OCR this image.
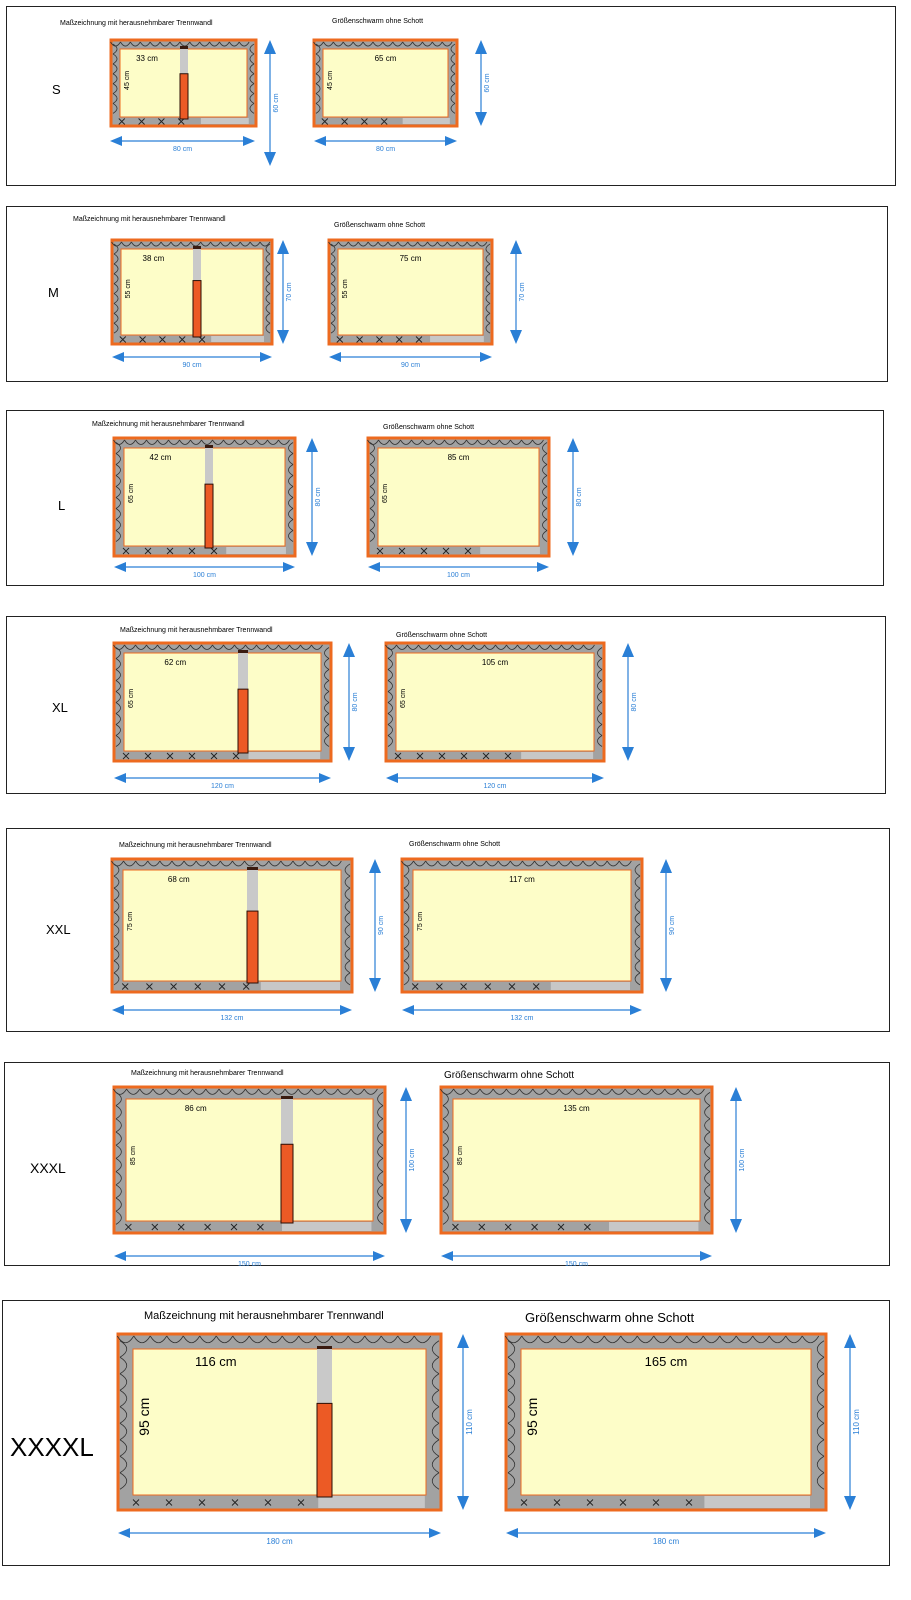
S
Maßzeichnung mit herausnehmbarer Trennwandl	Größenschwarm ohne Schott
33 cm
45 cm
65 cm
45 cm
80 cm	80 cm
60 cm
60 cm
M
Maßzeichnung mit herausnehmbarer Trennwandl
Größenschwarm ohne Schott
38 cm
55 cm
75 cm
55 cm
90 cm	90 cm
70 cm	70 cm
L
Maßzeichnung mit herausnehmbarer Trennwandl	Größenschwarm ohne Schott
42 cm
65 cm
85 cm
65 cm
100 cm	100 cm
80 cm	80 cm
XL
Maßzeichnung mit herausnehmbarer Trennwandl
Größenschwarm ohne Schott
62 cm
65 cm
105 cm
65 cm
120 cm	120 cm
80 cm	80 cm
XXL
Maßzeichnung mit herausnehmbarer Trennwandl	Größenschwarm ohne Schott
68 cm
75 cm
117 cm
75 cm
132 cm	132 cm
90 cm	90 cm
XXXL
Maßzeichnung mit herausnehmbarer Trennwandl	Größenschwarm ohne Schott
86 cm
85 cm
135 cm
85 cm
150 cm	150 cm
100 cm	100 cm
XXXXL
Maßzeichnung mit herausnehmbarer Trennwandl	Größenschwarm ohne Schott
116 cm
95 cm
165 cm
95 cm
180 cm	180 cm
110 cm	110 cm
